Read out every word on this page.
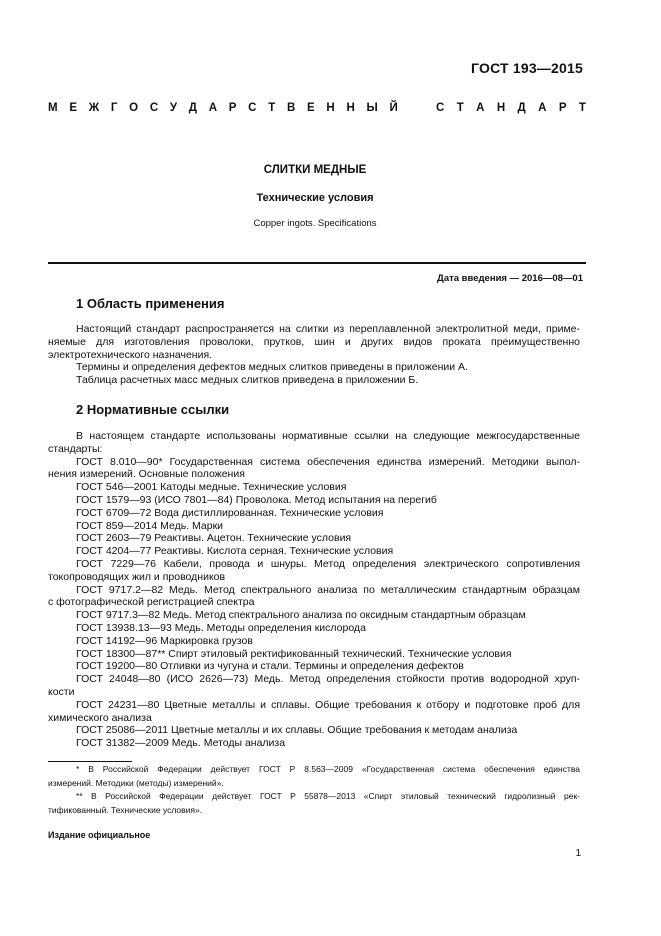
ГОСТ 193—2015
М Е Ж Г О С У Д А Р С Т В Е Н Н Ы Й	С Т А Н Д А Р Т
СЛИТКИ МЕДНЫЕ
Технические условия
Copper ingots. Specifications
Дата введения — 2016—08—01
1 Область применения
Настоящий стандарт распространяется на слитки из переплавленной электролитной меди, приме-
няемые для изготовления проволоки, прутков, шин и других видов проката преимущественно
электротехнического назначения.
Термины и определения дефектов медных слитков приведены в приложении А.
Таблица расчетных масс медных слитков приведена в приложении Б.
2 Нормативные ссылки
В настоящем стандарте использованы нормативные ссылки на следующие межгосударственные
стандарты:
ГОСТ 8.010—90* Государственная система обеспечения единства измерений. Методики выпол-
нения измерений. Основные положения
ГОСТ 546—2001 Катоды медные. Технические условия
ГОСТ 1579—93 (ИСО 7801—84) Проволока. Метод испытания на перегиб
ГОСТ 6709—72 Вода дистиллированная. Технические условия
ГОСТ 859—2014 Медь. Марки
ГОСТ 2603—79 Реактивы. Ацетон. Технические условия
ГОСТ 4204—77 Реактивы. Кислота серная. Технические условия
ГОСТ 7229—76 Кабели, провода и шнуры. Метод определения электрического сопротивления
токопроводящих жил и проводников
ГОСТ 9717.2—82 Медь. Метод спектрального анализа по металлическим стандартным образцам
с фотографической регистрацией спектра
ГОСТ 9717.3—82 Медь. Метод спектрального анализа по оксидным стандартным образцам
ГОСТ 13938.13—93 Медь. Методы определения кислорода
ГОСТ 14192—96 Маркировка грузов
ГОСТ 18300—87** Спирт этиловый ректификованный технический. Технические условия
ГОСТ 19200—80 Отливки из чугуна и стали. Термины и определения дефектов
ГОСТ 24048—80 (ИСО 2626—73) Медь. Метод определения стойкости против водородной хруп-
кости
ГОСТ 24231—80 Цветные металлы и сплавы. Общие требования к отбору и подготовке проб для
химического анализа
ГОСТ 25086—2011 Цветные металлы и их сплавы. Общие требования к методам анализа
ГОСТ 31382—2009 Медь. Методы анализа
* В Российской Федерации действует ГОСТ Р 8.563—2009 «Государственная система обеспечения единства
измерений. Методики (методы) измерений».
** В Российской Федерации действует ГОСТ Р 55878—2013 «Спирт этиловый технический гидролизный рек-
тификованный. Технические условия».
Издание официальное
1
